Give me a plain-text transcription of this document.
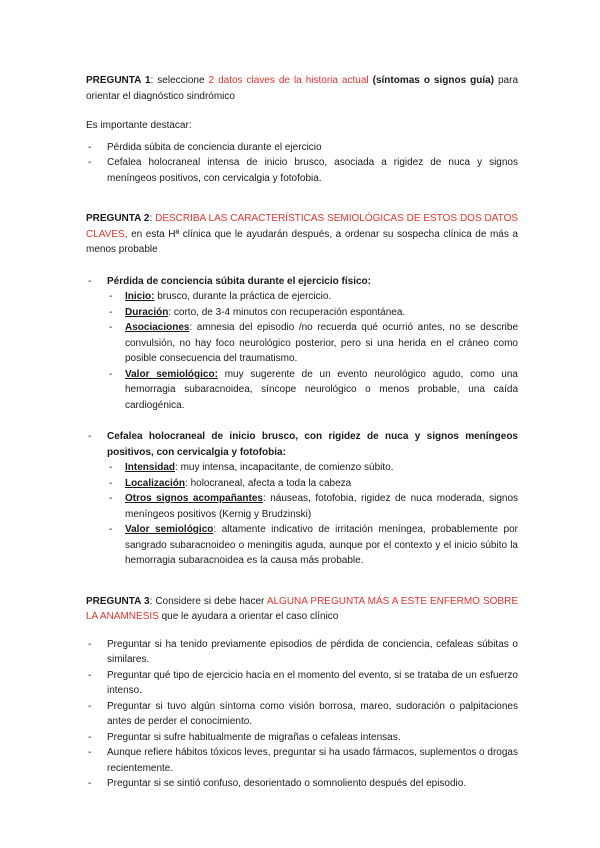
PREGUNTA 1: seleccione 2 datos claves de la historia actual (síntomas o signos guía) para orientar el diagnóstico sindrómico

Es importante destacar:

- Pérdida súbita de conciencia durante el ejercicio
- Cefalea holocraneal intensa de inicio brusco, asociada a rigidez de nuca y signos meníngeos positivos, con cervicalgia y fotofobia.

PREGUNTA 2: DESCRIBA LAS CARACTERÍSTICAS SEMIOLÓGICAS DE ESTOS DOS DATOS CLAVES, en esta Hª clínica que le ayudarán después, a ordenar su sospecha clínica de más a menos probable

- Pérdida de conciencia súbita durante el ejercicio físico:
- Inicio: brusco, durante la práctica de ejercicio.
- Duración: corto, de 3-4 minutos con recuperación espontánea.
- Asociaciones: amnesia del episodio /no recuerda qué ocurrió antes, no se describe convulsión, no hay foco neurológico posterior, pero si una herida en el cráneo como posible consecuencia del traumatismo.
- Valor semiológico: muy sugerente de un evento neurológico agudo, como una hemorragia subaracnoidea, síncope neurológico o menos probable, una caída cardiogénica.
- Cefalea holocraneal de inicio brusco, con rigidez de nuca y signos meníngeos positivos, con cervicalgia y fotofobia:
- Intensidad: muy intensa, incapacitante, de comienzo súbito.
- Localización: holocraneal, afecta a toda la cabeza
- Otros signos acompañantes: náuseas, fotofobia, rigidez de nuca moderada, signos meníngeos positivos (Kernig y Brudzinski)
- Valor semiológico: altamente indicativo de irritación meníngea, probablemente por sangrado subaracnoideo o meningitis aguda, aunque por el contexto y el inicio súbito la hemorragia subaracnoidea es la causa más probable.

PREGUNTA 3: Considere si debe hacer ALGUNA PREGUNTA MÁS A ESTE ENFERMO SOBRE LA ANAMNESIS que le ayudara a orientar el caso clínico

- Preguntar si ha tenido previamente episodios de pérdida de conciencia, cefaleas súbitas o similares.
- Preguntar qué tipo de ejercicio hacía en el momento del evento, si se trataba de un esfuerzo intenso.
- Preguntar si tuvo algún síntoma como visión borrosa, mareo, sudoración o palpitaciones antes de perder el conocimiento.
- Preguntar si sufre habitualmente de migrañas o cefaleas intensas.
- Aunque refiere hábitos tóxicos leves, preguntar si ha usado fármacos, suplementos o drogas recientemente.
- Preguntar si se sintió confuso, desorientado o somnoliento después del episodio.
